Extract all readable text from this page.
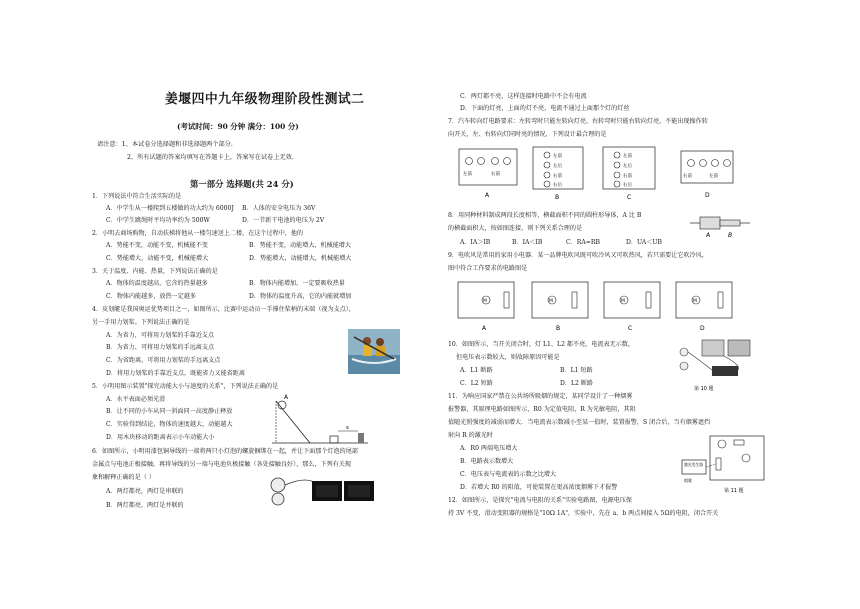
姜堰四中九年级物理阶段性测试二
(考试时间：90 分钟 满分：100 分)
请注意：1、本试卷分选择题和非选择题两个部分.
2、所有试题的答案均填写在答题卡上，答案写在试卷上无效.
第一部分 选择题(共 24 分)
1．下列说法中符合生活实际的是
A．中学生从一楼爬到五楼做的功大约为 6000J B．人体的安全电压为 36V
C．中学生跳绳时平均功率约为 500W	D．一节新干电池的电压为 2V
2．小明去商场购物，自动扶梯将他从一楼匀速送上二楼，在这个过程中，他的
A．势能不变，动能不变，机械能不变	B．势能不变，动能增大，机械能增大
C．势能增大，动能不变，机械能增大	D．势能增大，动能增大，机械能增大
3．关于温度、内能、热量，下列说法正确的是
A．物体的温度越高，它含的热量越多	B．物体内能增加，一定要吸收热量
C．物体内能越多，放热一定越多	D．物体的温度升高，它的内能就增加
4．皮划艇是我国奥运优势项目之一，如图所示，比赛中运动员一手撑住桨柄的末端（视为支点），
另一手用力划桨。下列说法正确的是
A．为省力，可将用力划桨的手靠近支点
B．为省力，可将用力划桨的手远离支点
C．为省距离，可将用力划桨的手远离支点
D．将用力划桨的手靠近支点，既能省力又能省距离
5．小明用图示装置"探究动能大小与速度的关系"，下列说法正确的是
A．水平表面必须光滑
B．让不同的小车从同一斜面同一高度静止释放
C．实验得到结论，物体的速度越大，动能越大
D．用木块移动的距离表示小车动能大小
6．如图所示，小明用漆包铜导线的一端将两只小灯泡的螺旋捆绑在一起，并让下面那个灯泡的尾部
金属点与电池正极接触，再将导线的另一端与电池负极接触（各处接触良好），那么，下列有关现
象和解释正确的是（ ）
A．两灯都亮，两灯是串联的
B．两灯都亮，两灯是并联的
A
s
C．两灯都不亮，这样连接时电路中不会有电流
D．下面的灯亮，上面的灯不亮，电流不通过上面那个灯的灯丝
7．汽车转向灯电路要求：左转弯时只能左转向灯亮，右转弯时只能右转向灯亮，不能出现操作转
向开关，左、右转向灯同时亮的情况，下列设计最合理的是
8．用同种材料制成两段长度相等，横截面积不同的圆柱形导体，A 比 B
的横截面积大，按如图连接，则下列关系合理的是
A．IA＞IB	B．IA＜IB	C．RA=RB	D．UA＜UB
9．电吹风是常用的家用小电器．某一品牌电吹风既可吹冷风又可吹热风，若只需要让它吹冷风，
图中符合工作要求的电路图是
10．如图所示，当开关闭合时，灯 L1、L2 都不亮，电流表无示数，
但电压表示数较大，则故障原因可能是
A．L1 断路	B．L1 短路
C．L2 短路	D．L2 断路
11．为响应国家严禁在公共场所吸烟的规定，某同学设计了一种烟雾
报警器，其原理电路如图所示，R0 为定值电阻，R 为光敏电阻，其阻
值随光照强度的减弱而增大．当电流表示数减小至某一值时，装置报警，S 闭合后，当有烟雾遮挡
射向 R 的激光时
A．R0 两端电压增大
B．电路表示数增大
C．电压表与电流表的示数之比增大
D．若增大 R0 的阻值，可使装置在更高浓度烟雾下才报警
12．如图所示，是探究"电流与电阻的关系"实验电路图，电源电压保
持 3V 不变，滑动变阻器的规格是"10Ω 1A"，实验中，先在 a、b 两点间接入 5Ω的电阻，闭合开关
左前	右前
A
左前
左后
右前
右后
B
左前
左后
右前
右后
C
右前	左前
D
A	B
M
A
M
B
M
C
M
D
第 10 题
激光发生器
烟雾
第 11 题
